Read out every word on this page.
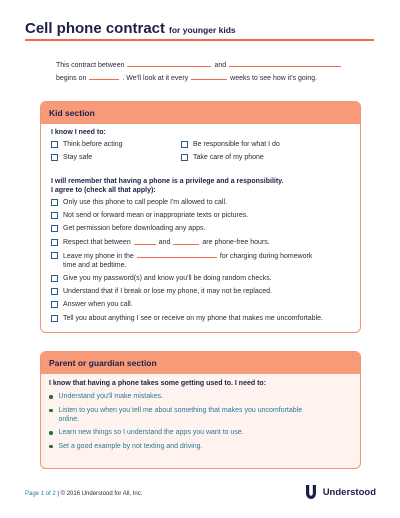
Cell phone contract for younger kids
This contract between	and
begins on	. We'll look at it every	weeks to see how it's going.
Kid section
I know I need to:
Think before acting	Be responsible for what I do
Stay safe	Take care of my phone
I will remember that having a phone is a privilege and a responsibility.
I agree to (check all that apply):
Only use this phone to call people I'm allowed to call.
Not send or forward mean or inappropriate texts or pictures.
Get permission before downloading any apps.
Respect that between	and	are phone-free hours.
Leave my phone in the	for charging during homework
time and at bedtime.
Give you my password(s) and know you'll be doing random checks.
Understand that if I break or lose my phone, it may not be replaced.
Answer when you call.
Tell you about anything I see or receive on my phone that makes me uncomfortable.
Parent or guardian section
I know that having a phone takes some getting used to. I need to:
Understand you'll make mistakes.
Listen to you when you tell me about something that makes you uncomfortable online.
Learn new things so I understand the apps you want to use.
Set a good example by not texting and driving.
Page 1 of 2 | © 2016 Understood for All, Inc.	Understood
